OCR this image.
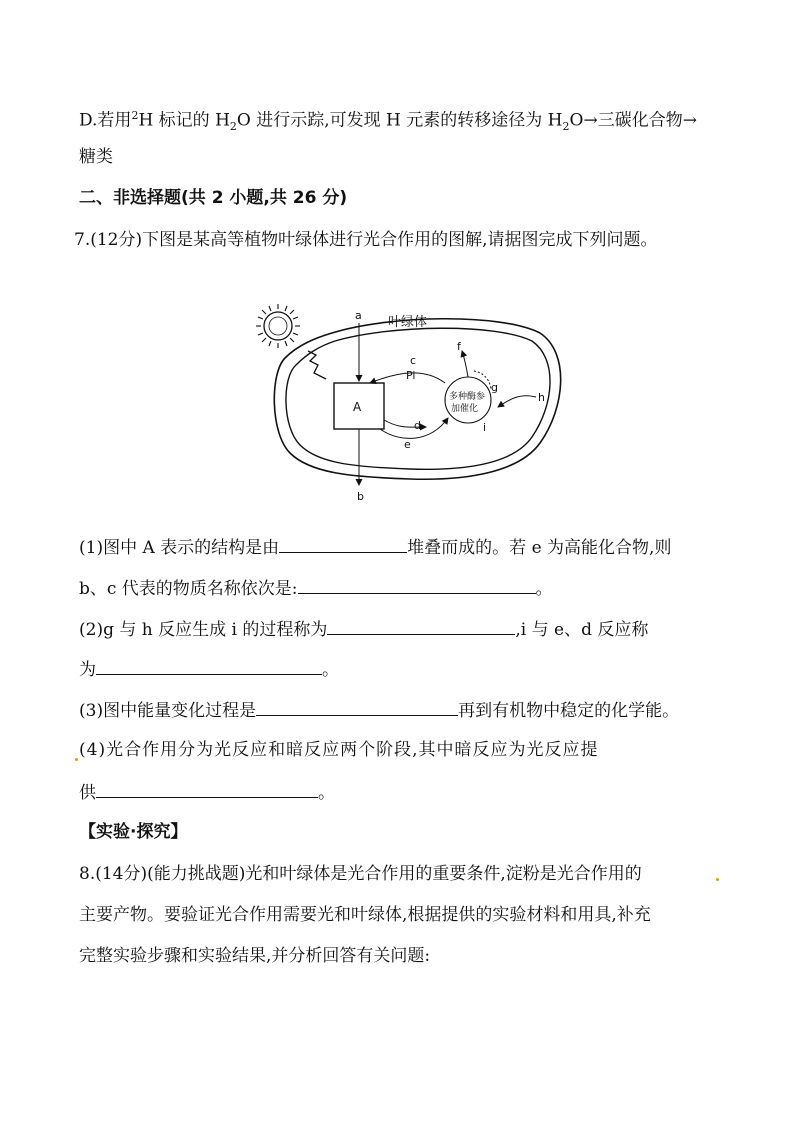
D.若用$^2$H 标记的 $H_2O$ 进行示踪,可发现 H 元素的转移途径为 $H_2O\to$三碳化合物→
糖类
二、非选择题(共 2 小题,共 26 分)
7.(12分)下图是某高等植物叶绿体进行光合作用的图解,请据图完成下列问题。
叶绿体
A
a
b
多种酶参
加催化
c
Pi
d
e
f
g
h
i
(1)图中 A 表示的结构是由	堆叠而成的。若 e 为高能化合物,则
b、c 代表的物质名称依次是:	。
(2)g 与 h 反应生成 i 的过程称为	,i 与 e、d 反应称
为	。
(3)图中能量变化过程是	再到有机物中稳定的化学能。
(4)光合作用分为光反应和暗反应两个阶段,其中暗反应为光反应提
供	。
【实验·探究】
8.(14分)(能力挑战题)光和叶绿体是光合作用的重要条件,淀粉是光合作用的
主要产物。要验证光合作用需要光和叶绿体,根据提供的实验材料和用具,补充
完整实验步骤和实验结果,并分析回答有关问题:
